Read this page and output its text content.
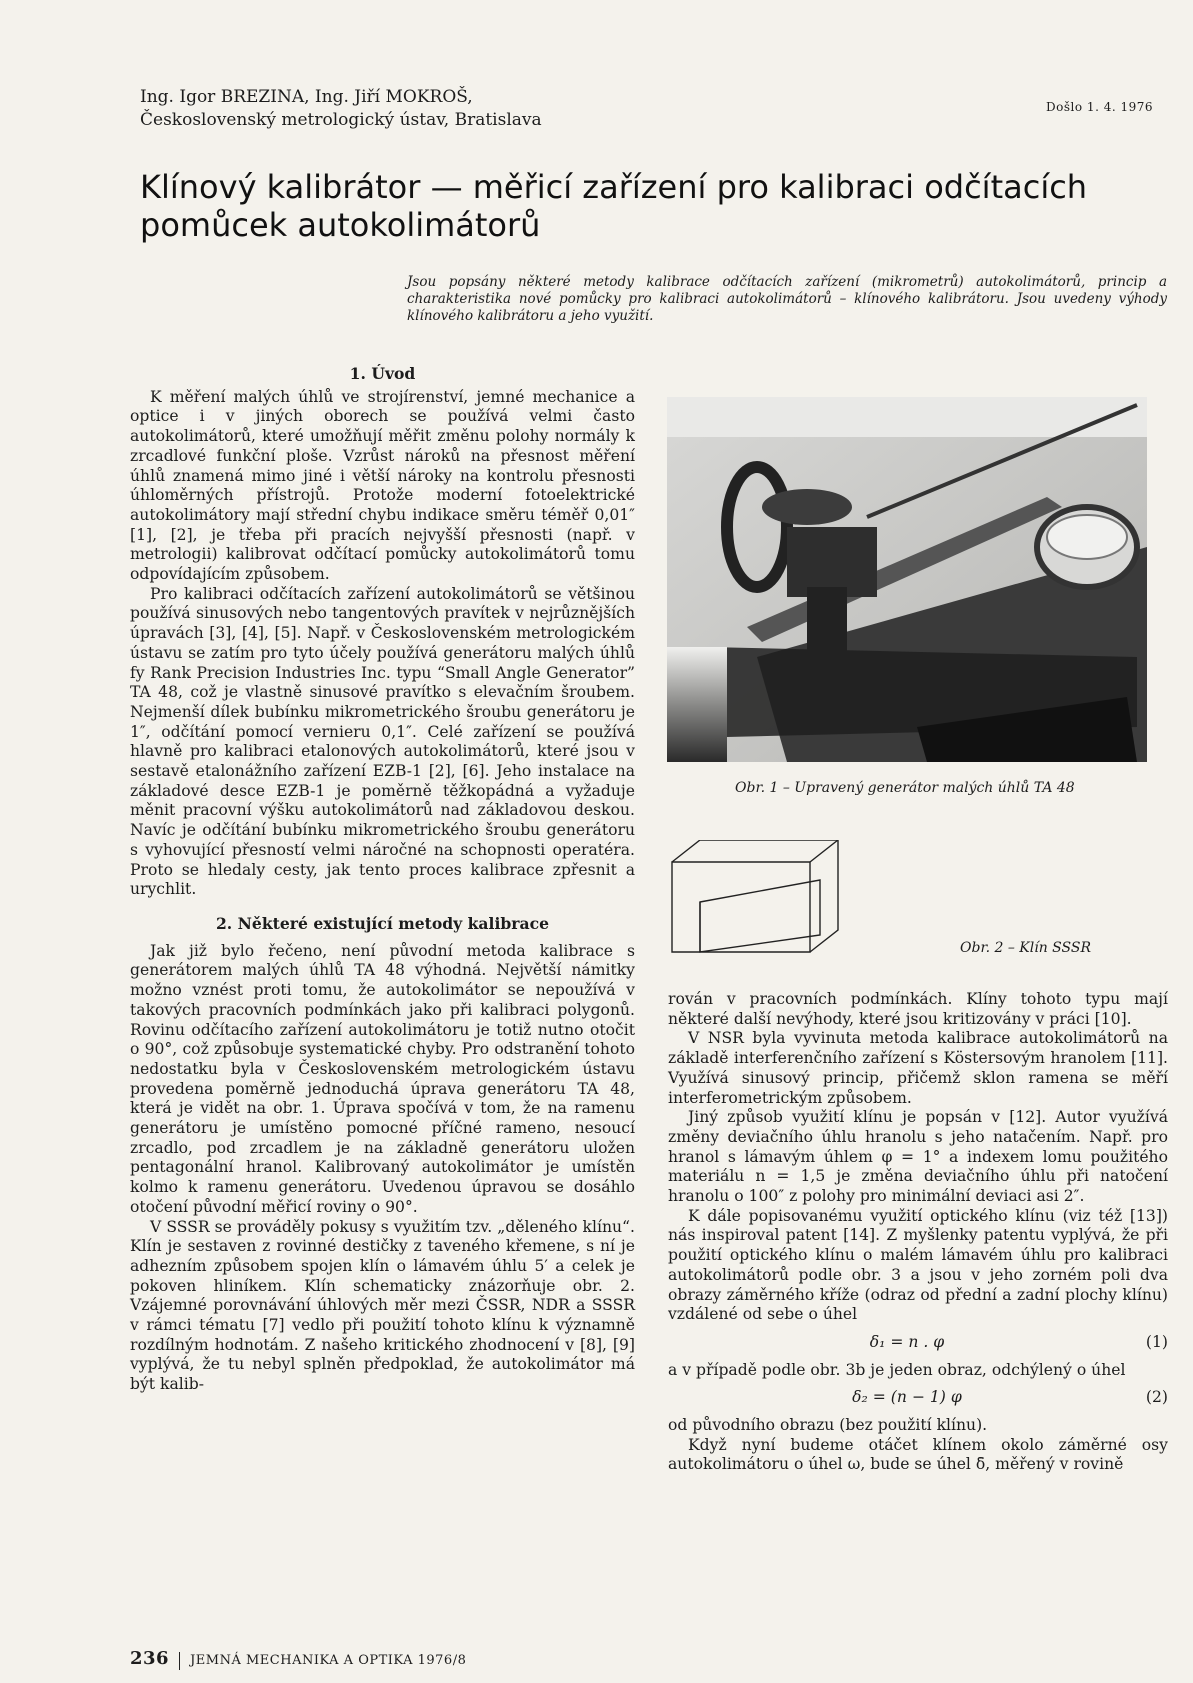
Ing. Igor BREZINA, Ing. Jiří MOKROŠ,
Československý metrologický ústav, Bratislava
Došlo 1. 4. 1976
Klínový kalibrátor — měřicí zařízení pro kalibraci odčítacích pomůcek autokolimátorů
Jsou popsány některé metody kalibrace odčítacích zařízení (mikrometrů) autokolimátorů, princip a charakteristika nové pomůcky pro kalibraci autokolimátorů – klínového kalibrátoru. Jsou uvedeny výhody klínového kalibrátoru a jeho využití.
1. Úvod

K měření malých úhlů ve strojírenství, jemné mechanice a optice i v jiných oborech se používá velmi často autokolimátorů, které umožňují měřit změnu polohy normály k zrcadlové funkční ploše. Vzrůst nároků na přesnost měření úhlů znamená mimo jiné i větší nároky na kontrolu přesnosti úhloměrných přístrojů. Protože moderní fotoelektrické autokolimátory mají střední chybu indikace směru téměř 0,01″ [1], [2], je třeba při pracích nejvyšší přesnosti (např. v metrologii) kalibrovat odčítací pomůcky autokolimátorů tomu odpovídajícím způsobem.

Pro kalibraci odčítacích zařízení autokolimátorů se většinou používá sinusových nebo tangentových pravítek v nejrůznějších úpravách [3], [4], [5]. Např. v Československém metrologickém ústavu se zatím pro tyto účely používá generátoru malých úhlů fy Rank Precision Industries Inc. typu “Small Angle Generator” TA 48, což je vlastně sinusové pravítko s elevačním šroubem. Nejmenší dílek bubínku mikrometrického šroubu generátoru je 1″, odčítání pomocí vernieru 0,1″. Celé zařízení se používá hlavně pro kalibraci etalonových autokolimátorů, které jsou v sestavě etalonážního zařízení EZB-1 [2], [6]. Jeho instalace na základové desce EZB-1 je poměrně těžkopádná a vyžaduje měnit pracovní výšku autokolimátorů nad základovou deskou. Navíc je odčítání bubínku mikrometrického šroubu generátoru s vyhovující přesností velmi náročné na schopnosti operatéra. Proto se hledaly cesty, jak tento proces kalibrace zpřesnit a urychlit.

2. Některé existující metody kalibrace

Jak již bylo řečeno, není původní metoda kalibrace s generátorem malých úhlů TA 48 výhodná. Největší námitky možno vznést proti tomu, že autokolimátor se nepoužívá v takových pracovních podmínkách jako při kalibraci polygonů. Rovinu odčítacího zařízení autokolimátoru je totiž nutno otočit o 90°, což způsobuje systematické chyby. Pro odstranění tohoto nedostatku byla v Československém metrologickém ústavu provedena poměrně jednoduchá úprava generátoru TA 48, která je vidět na obr. 1. Úprava spočívá v tom, že na ramenu generátoru je umístěno pomocné příčné rameno, nesoucí zrcadlo, pod zrcadlem je na základně generátoru uložen pentagonální hranol. Kalibrovaný autokolimátor je umístěn kolmo k ramenu generátoru. Uvedenou úpravou se dosáhlo otočení původní měřicí roviny o 90°.

V SSSR se prováděly pokusy s využitím tzv. „děleného klínu“. Klín je sestaven z rovinné destičky z taveného křemene, s ní je adhezním způsobem spojen klín o lámavém úhlu 5′ a celek je pokoven hliníkem. Klín schematicky znázorňuje obr. 2. Vzájemné porovnávání úhlových měr mezi ČSSR, NDR a SSSR v rámci tématu [7] vedlo při použití tohoto klínu k významně rozdílným hodnotám. Z našeho kritického zhodnocení v [8], [9] vyplývá, že tu nebyl splněn předpoklad, že autokolimátor má být kalib-

Obr. 1 – Upravený generátor malých úhlů TA 48
Obr. 2 – Klín SSSR

rován v pracovních podmínkách. Klíny tohoto typu mají některé další nevýhody, které jsou kritizovány v práci [10].

V NSR byla vyvinuta metoda kalibrace autokolimátorů na základě interferenčního zařízení s Köstersovým hranolem [11]. Využívá sinusový princip, přičemž sklon ramena se měří interferometrickým způsobem.

Jiný způsob využití klínu je popsán v [12]. Autor využívá změny deviačního úhlu hranolu s jeho natačením. Např. pro hranol s lámavým úhlem φ = 1° a indexem lomu použitého materiálu n = 1,5 je změna deviačního úhlu při natočení hranolu o 100″ z polohy pro minimální deviaci asi 2″.

K dále popisovanému využití optického klínu (viz též [13]) nás inspiroval patent [14]. Z myšlenky patentu vyplývá, že při použití optického klínu o malém lámavém úhlu pro kalibraci autokolimátorů podle obr. 3 a jsou v jeho zorném poli dva obrazy záměrného kříže (odraz od přední a zadní plochy klínu) vzdálené od sebe o úhel

δ₁ = n . φ	(1)

a v případě podle obr. 3b je jeden obraz, odchýlený o úhel

δ₂ = (n − 1) φ	(2)

od původního obrazu (bez použití klínu).

Když nyní budeme otáčet klínem okolo záměrné osy autokolimátoru o úhel ω, bude se úhel δ̄, měřený v rovině

236 JEMNÁ MECHANIKA A OPTIKA 1976/8
